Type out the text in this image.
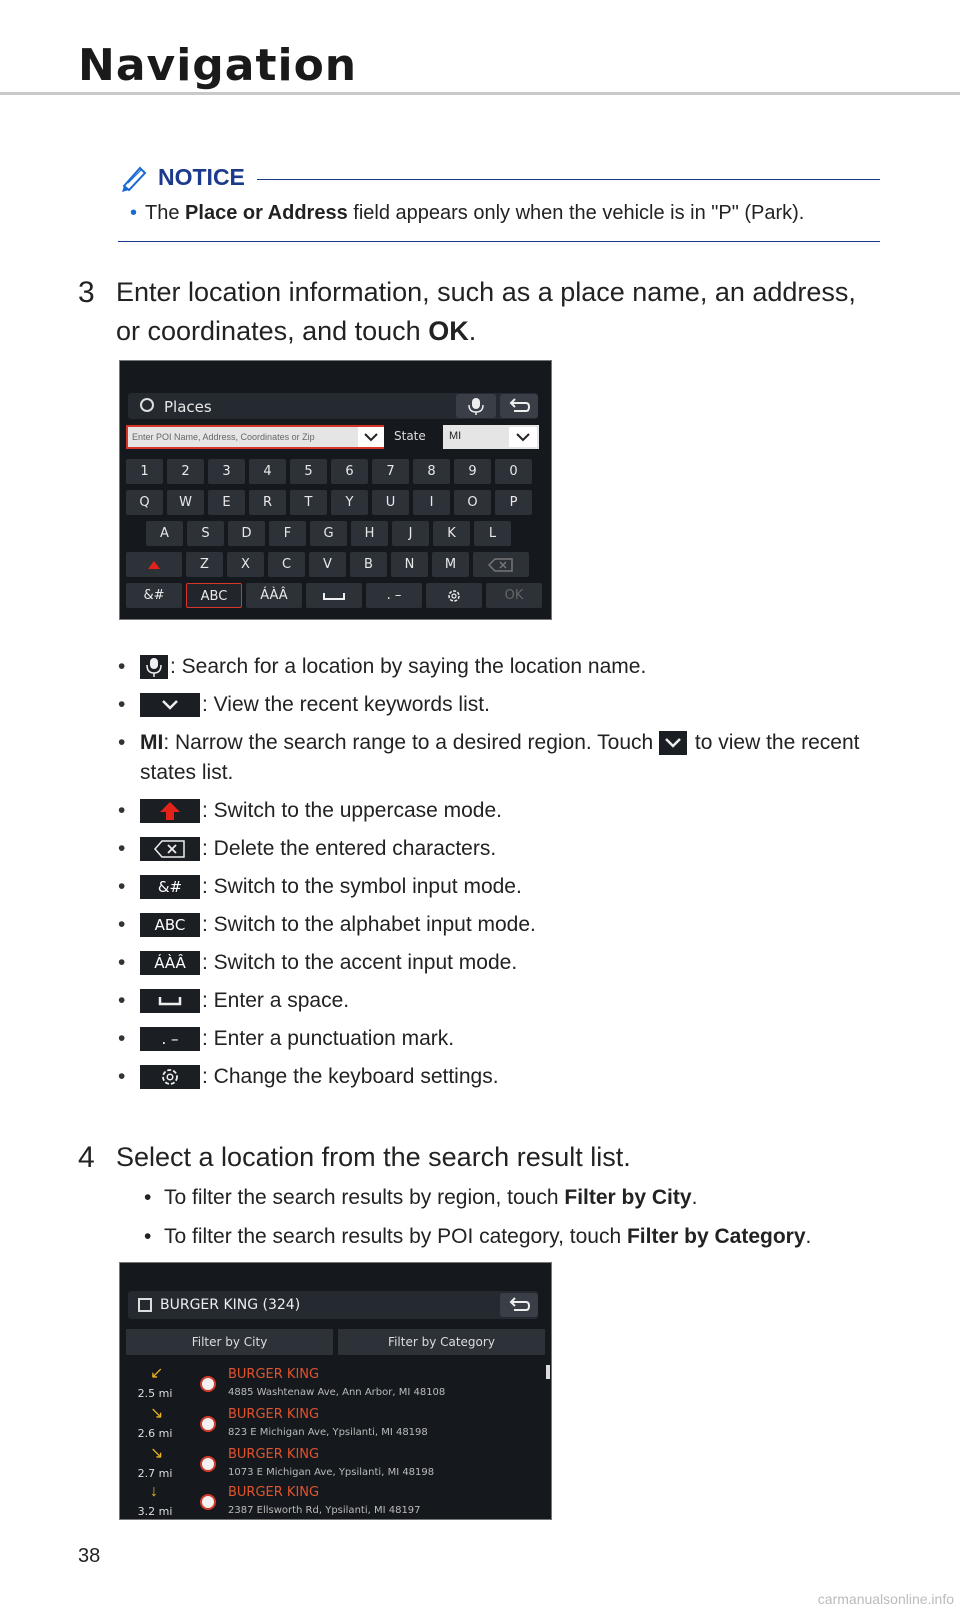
Navigation
NOTICE
• The Place or Address field appears only when the vehicle is in "P" (Park).
3 Enter location information, such as a place name, an address, or coordinates, and touch OK.
Places
Enter POI Name, Address, Coordinates or Zip	State	MI
1	2	3	4	5	6	7	8	9	0
Q	W	E	R	T	Y	U	I	O	P
A	S	D	F	G	H	J	K	L
Z	X	C	V	B	N	M
&#	ABC	ÁÀÂ	. –	OK
• : Search for a location by saying the location name.
• : View the recent keywords list.
• MI: Narrow the search range to a desired region. Touch  to view the recent states list.
• : Switch to the uppercase mode.
• : Delete the entered characters.
• &# : Switch to the symbol input mode.
• ABC : Switch to the alphabet input mode.
• ÁÀÂ : Switch to the accent input mode.
• : Enter a space.
• . – : Enter a punctuation mark.
• : Change the keyboard settings.
4 Select a location from the search result list.
• To filter the search results by region, touch Filter by City.
• To filter the search results by POI category, touch Filter by Category.
BURGER KING (324)
Filter by City	Filter by Category
↙
2.5 mi
BURGER KING
4885 Washtenaw Ave, Ann Arbor, MI 48108
↘
2.6 mi
BURGER KING
823 E Michigan Ave, Ypsilanti, MI 48198
↘
2.7 mi
BURGER KING
1073 E Michigan Ave, Ypsilanti, MI 48198
↓
3.2 mi
BURGER KING
2387 Ellsworth Rd, Ypsilanti, MI 48197
38
carmanualsonline.info
